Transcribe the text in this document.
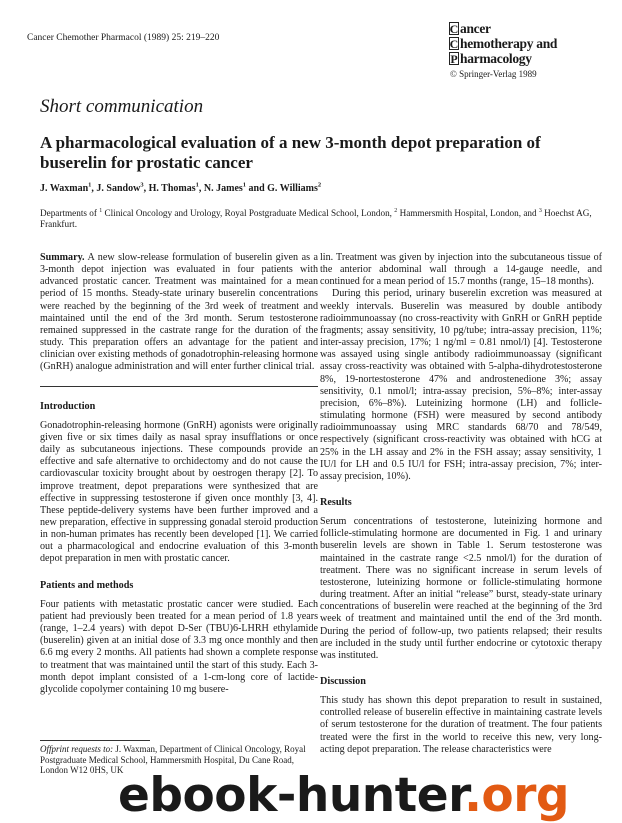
Cancer Chemother Pharmacol (1989) 25: 219–220
C ancer
C hemotherapy and
P harmacology
© Springer-Verlag 1989
Short communication
A pharmacological evaluation of a new 3-month depot preparation of buserelin for prostatic cancer
J. Waxman$^1$, J. Sandow$^3$, H. Thomas$^1$, N. James$^1$ and G. Williams$^2$
Departments of $^1$ Clinical Oncology and Urology, Royal Postgraduate Medical School, London, $^2$ Hammersmith Hospital, London, and $^3$ Hoechst AG, Frankfurt.

Summary. A new slow-release formulation of buserelin given as a 3-month depot injection was evaluated in four patients with advanced prostatic cancer. Treatment was maintained for a mean period of 15 months. Steady-state urinary buserelin concentrations were reached by the beginning of the 3rd week of treatment and maintained until the end of the 3rd month. Serum testosterone remained suppressed in the castrate range for the duration of the study. This preparation offers an advantage for the patient and clinician over existing methods of gonadotrophin-releasing hormone (GnRH) analogue administration and will enter further clinical trial.

Introduction

Gonadotrophin-releasing hormone (GnRH) agonists were originally given five or six times daily as nasal spray insufflations or once daily as subcutaneous injections. These compounds provide an effective and safe alternative to orchidectomy and do not cause the cardiovascular toxicity brought about by oestrogen therapy [2]. To improve treatment, depot preparations were synthesized that are effective in suppressing testosterone if given once monthly [3, 4]. These peptide-delivery systems have been further improved and a new preparation, effective in suppressing gonadal steroid production in non-human primates has recently been developed [1]. We carried out a pharmacological and endocrine evaluation of this 3-month depot preparation in men with prostatic cancer.

Patients and methods

Four patients with metastatic prostatic cancer were studied. Each patient had previously been treated for a mean period of 1.8 years (range, 1–2.4 years) with depot D-Ser (TBU)6-LHRH ethylamide (buserelin) given at an initial dose of 3.3 mg once monthly and then 6.6 mg every 2 months. All patients had shown a complete response to treatment that was maintained until the start of this study. Each 3-month depot implant consisted of a 1-cm-long core of lactide-glycolide copolymer containing 10 mg busere-

Offprint requests to: J. Waxman, Department of Clinical Oncology, Royal Postgraduate Medical School, Hammersmith Hospital, Du Cane Road, London W12 0HS, UK

lin. Treatment was given by injection into the subcutaneous tissue of the anterior abdominal wall through a 14-gauge needle, and continued for a mean period of 15.7 months (range, 15–18 months).

During this period, urinary buserelin excretion was measured at weekly intervals. Buserelin was measured by double antibody radioimmunoassay (no cross-reactivity with GnRH or GnRH peptide fragments; assay sensitivity, 10 pg/tube; intra-assay precision, 11%; inter-assay precision, 17%; 1 ng/ml = 0.81 nmol/l) [4]. Testosterone was assayed using single antibody radioimmunoassay (significant assay cross-reactivity was obtained with 5-alpha-dihydrotestosterone 8%, 19-nortestosterone 47% and androstenedione 3%; assay sensitivity, 0.1 nmol/l; intra-assay precision, 5%–8%; inter-assay precision, 6%–8%). Luteinizing hormone (LH) and follicle-stimulating hormone (FSH) were measured by second antibody radioimmunoassay using MRC standards 68/70 and 78/549, respectively (significant cross-reactivity was obtained with hCG at 25% in the LH assay and 2% in the FSH assay; assay sensitivity, 1 IU/l for LH and 0.5 IU/l for FSH; intra-assay precision, 7%; inter-assay precision, 10%).

Results

Serum concentrations of testosterone, luteinizing hormone and follicle-stimulating hormone are documented in Fig. 1 and urinary buserelin levels are shown in Table 1. Serum testosterone was maintained in the castrate range <2.5 nmol/l) for the duration of treatment. There was no significant increase in serum levels of testosterone, luteinizing hormone or follicle-stimulating hormone during treatment. After an initial “release” burst, steady-state urinary concentrations of buserelin were reached at the beginning of the 3rd week of treatment and maintained until the end of the 3rd month. During the period of follow-up, two patients relapsed; their results are included in the study until further endocrine or cytotoxic therapy was instituted.

Discussion

This study has shown this depot preparation to result in sustained, controlled release of buserelin effective in maintaining castrate levels of serum testosterone for the duration of treatment. The four patients treated were the first in the world to receive this new, very long-acting depot preparation. The release characteristics were

ebook-hunter.org
